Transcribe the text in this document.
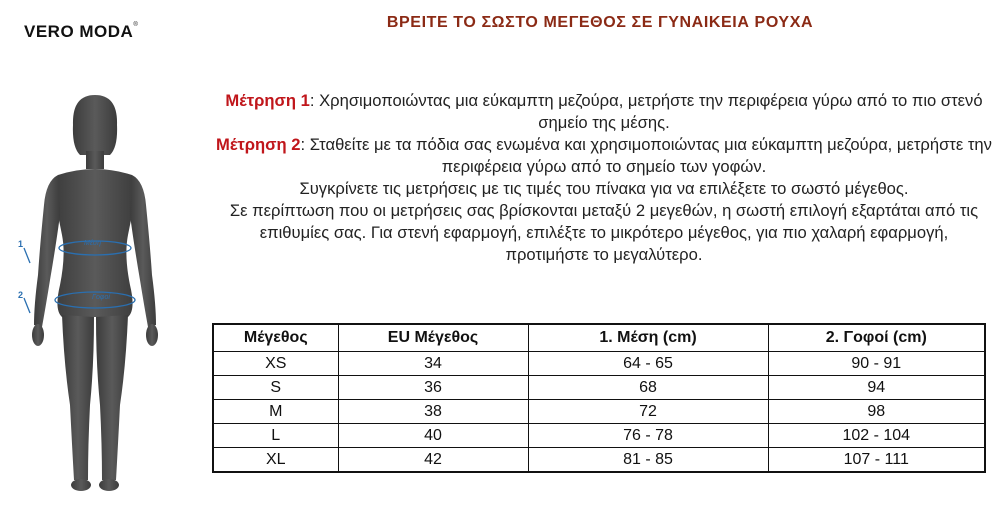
VERO MODA®	ΒΡΕΙΤΕ ΤΟ ΣΩΣΤΟ ΜΕΓΕΘΟΣ ΣΕ ΓΥΝΑΙΚΕΙΑ ΡΟΥΧΑ
1	Μέση
2	Γοφοί

Μέτρηση 1: Χρησιμοποιώντας μια εύκαμπτη μεζούρα, μετρήστε την περιφέρεια γύρω από το πιο στενό σημείο της μέσης.

Μέτρηση 2: Σταθείτε με τα πόδια σας ενωμένα και χρησιμοποιώντας μια εύκαμπτη μεζούρα, μετρήστε την περιφέρεια γύρω από το σημείο των γοφών.

Συγκρίνετε τις μετρήσεις με τις τιμές του πίνακα για να επιλέξετε το σωστό μέγεθος.

Σε περίπτωση που οι μετρήσεις σας βρίσκονται μεταξύ 2 μεγεθών, η σωστή επιλογή εξαρτάται από τις επιθυμίες σας. Για στενή εφαρμογή, επιλέξτε το μικρότερο μέγεθος, για πιο χαλαρή εφαρμογή, προτιμήστε το μεγαλύτερο.

Μέγεθος	EU Μέγεθος	1. Μέση (cm)	2. Γοφοί (cm)
XS	34	64 - 65	90 - 91
S	36	68	94
M	38	72	98
L	40	76 - 78	102 - 104
XL	42	81 - 85	107 - 111
